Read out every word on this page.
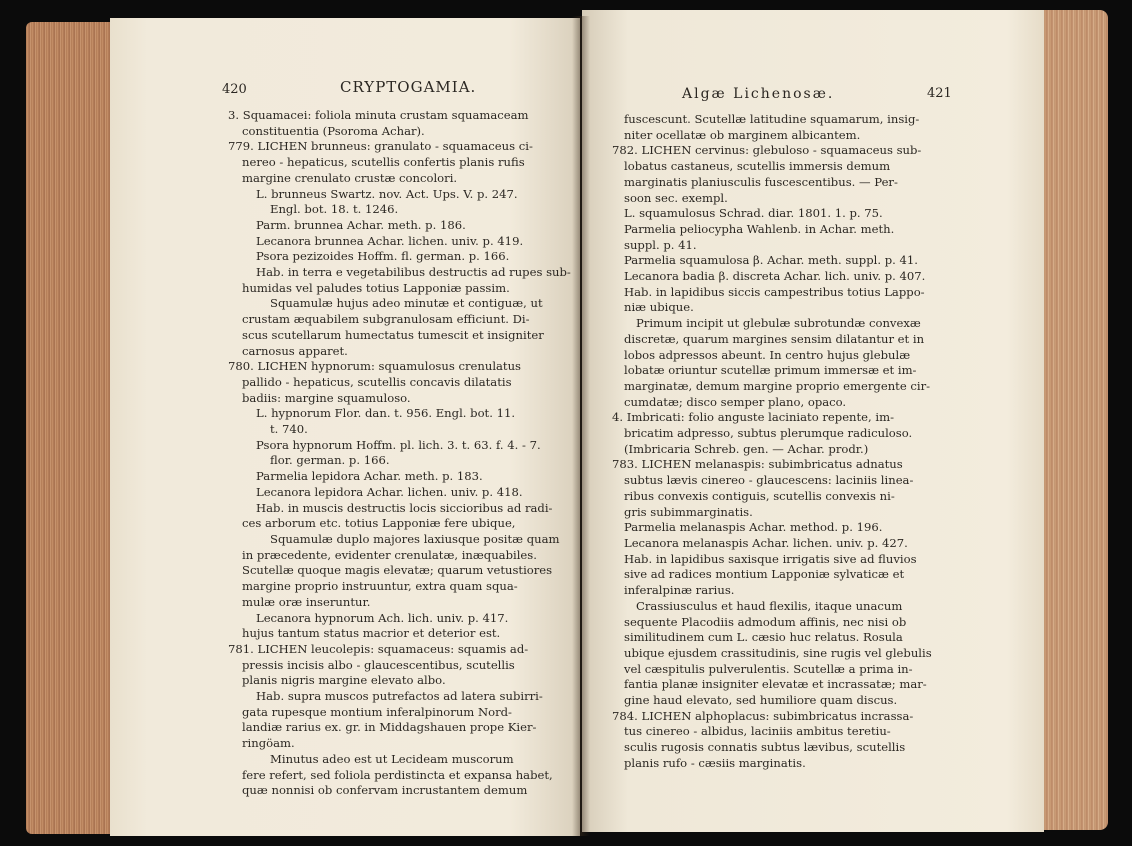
420	CRYPTOGAMIA.
3. Squamacei: foliola minuta crustam squamaceam
constituentia (Psoroma Achar).
779. LICHEN brunneus: granulato - squamaceus ci-
nereo - hepaticus, scutellis confertis planis rufis
margine crenulato crustæ concolori.
L. brunneus Swartz. nov. Act. Ups. V. p. 247.
Engl. bot. 18. t. 1246.
Parm. brunnea Achar. meth. p. 186.
Lecanora brunnea Achar. lichen. univ. p. 419.
Psora pezizoides Hoffm. fl. german. p. 166.
Hab. in terra e vegetabilibus destructis ad rupes sub-
humidas vel paludes totius Lapponiæ passim.
Squamulæ hujus adeo minutæ et contiguæ, ut
crustam æquabilem subgranulosam efficiunt. Di-
scus scutellarum humectatus tumescit et insigniter
carnosus apparet.
780. LICHEN hypnorum: squamulosus crenulatus
pallido - hepaticus, scutellis concavis dilatatis
badiis: margine squamuloso.
L. hypnorum Flor. dan. t. 956. Engl. bot. 11.
t. 740.
Psora hypnorum Hoffm. pl. lich. 3. t. 63. f. 4. - 7.
flor. german. p. 166.
Parmelia lepidora Achar. meth. p. 183.
Lecanora lepidora Achar. lichen. univ. p. 418.
Hab. in muscis destructis locis siccioribus ad radi-
ces arborum etc. totius Lapponiæ fere ubique,
Squamulæ duplo majores laxiusque positæ quam
in præcedente, evidenter crenulatæ, inæquabiles.
Scutellæ quoque magis elevatæ; quarum vetustiores
margine proprio instruuntur, extra quam squa-
mulæ oræ inseruntur.
Lecanora hypnorum Ach. lich. univ. p. 417.
hujus tantum status macrior et deterior est.
781. LICHEN leucolepis: squamaceus: squamis ad-
pressis incisis albo - glaucescentibus, scutellis
planis nigris margine elevato albo.
Hab. supra muscos putrefactos ad latera subirri-
gata rupesque montium inferalpinorum Nord-
landiæ rarius ex. gr. in Middagshauen prope Kier-
ringöam.
Minutus adeo est ut Lecideam muscorum
fere refert, sed foliola perdistincta et expansa habet,
quæ nonnisi ob confervam incrustantem demum
Algæ Lichenosæ.	421
fuscescunt. Scutellæ latitudine squamarum, insig-
niter ocellatæ ob marginem albicantem.
782. LICHEN cervinus: glebuloso - squamaceus sub-
lobatus castaneus, scutellis immersis demum
marginatis planiusculis fuscescentibus. — Per-
soon sec. exempl.
L. squamulosus Schrad. diar. 1801. 1. p. 75.
Parmelia peliocypha Wahlenb. in Achar. meth.
suppl. p. 41.
Parmelia squamulosa β. Achar. meth. suppl. p. 41.
Lecanora badia β. discreta Achar. lich. univ. p. 407.
Hab. in lapidibus siccis campestribus totius Lappo-
niæ ubique.
Primum incipit ut glebulæ subrotundæ convexæ
discretæ, quarum margines sensim dilatantur et in
lobos adpressos abeunt. In centro hujus glebulæ
lobatæ oriuntur scutellæ primum immersæ et im-
marginatæ, demum margine proprio emergente cir-
cumdatæ; disco semper plano, opaco.
4. Imbricati: folio anguste laciniato repente, im-
bricatim adpresso, subtus plerumque radiculoso.
(Imbricaria Schreb. gen. — Achar. prodr.)
783. LICHEN melanaspis: subimbricatus adnatus
subtus lævis cinereo - glaucescens: laciniis linea-
ribus convexis contiguis, scutellis convexis ni-
gris subimmarginatis.
Parmelia melanaspis Achar. method. p. 196.
Lecanora melanaspis Achar. lichen. univ. p. 427.
Hab. in lapidibus saxisque irrigatis sive ad fluvios
sive ad radices montium Lapponiæ sylvaticæ et
inferalpinæ rarius.
Crassiusculus et haud flexilis, itaque unacum
sequente Placodiis admodum affinis, nec nisi ob
similitudinem cum L. cæsio huc relatus. Rosula
ubique ejusdem crassitudinis, sine rugis vel glebulis
vel cæspitulis pulverulentis. Scutellæ a prima in-
fantia planæ insigniter elevatæ et incrassatæ; mar-
gine haud elevato, sed humiliore quam discus.
784. LICHEN alphoplacus: subimbricatus incrassa-
tus cinereo - albidus, laciniis ambitus teretiu-
sculis rugosis connatis subtus lævibus, scutellis
planis rufo - cæsiis marginatis.
